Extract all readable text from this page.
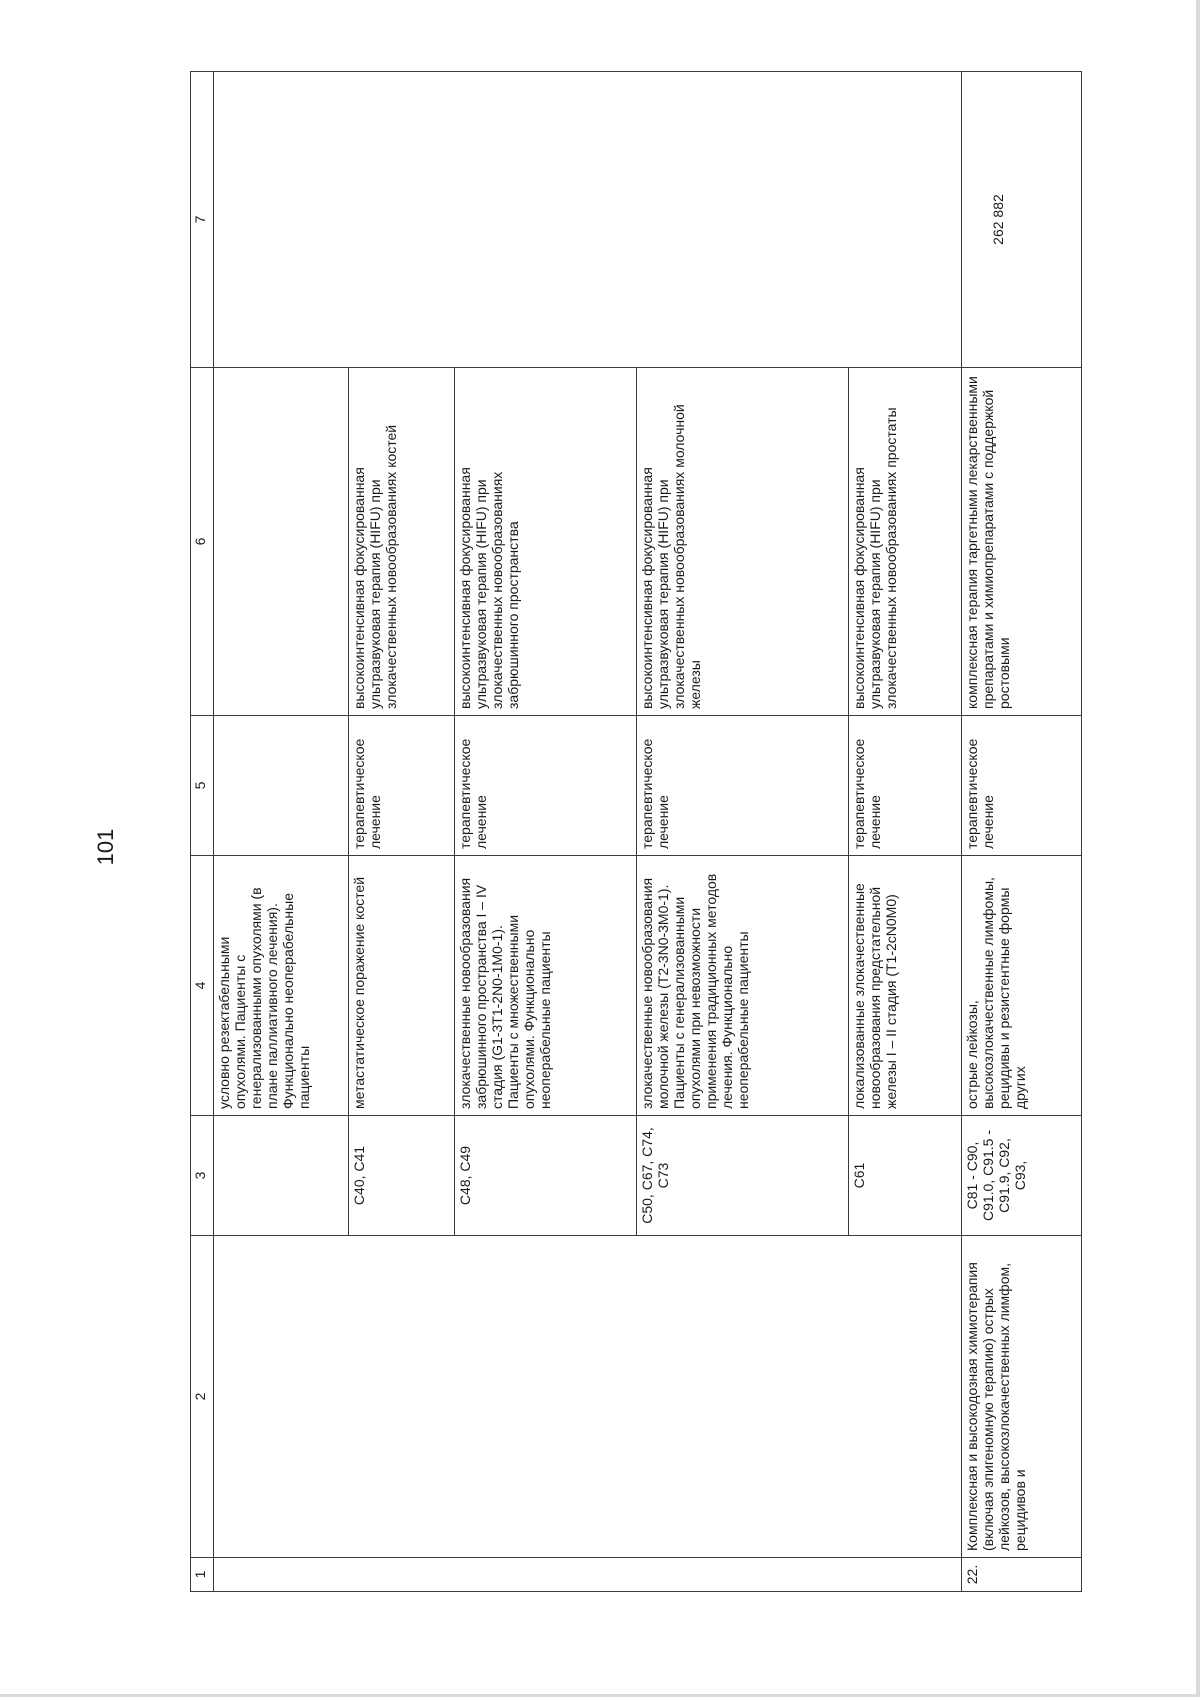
101
1	2	3	4	5	6	7
			условно резектабельными опухолями. Пациенты с генерализованными опухолями (в плане паллиативного лечения). Функционально неоперабельные пациенты			
		C40, C41	метастатическое поражение костей	терапевтическое лечение	высокоинтенсивная фокусированная ультразвуковая терапия (HIFU) при злокачественных новообразованиях костей	
		C48, C49	злокачественные новообразования забрюшинного пространства I – IV стадия (G1-3T1-2N0-1M0-1). Пациенты с множественными опухолями. Функционально неоперабельные пациенты	терапевтическое лечение	высокоинтенсивная фокусированная ультразвуковая терапия (HIFU) при злокачественных новообразованиях забрюшинного пространства	
		C50, C67, C74, C73	злокачественные новообразования молочной железы (T2-3N0-3M0-1). Пациенты с генерализованными опухолями при невозможности применения традиционных методов лечения. Функционально неоперабельные пациенты	терапевтическое лечение	высокоинтенсивная фокусированная ультразвуковая терапия (HIFU) при злокачественных новообразованиях молочной железы	
		C61	локализованные злокачественные новообразования предстательной железы I – II стадия (T1-2cN0M0)	терапевтическое лечение	высокоинтенсивная фокусированная ультразвуковая терапия (HIFU) при злокачественных новообразованиях простаты	
22.	Комплексная и высокодозная химиотерапия (включая эпигеномную терапию) острых лейкозов, высокозлокачественных лимфом, рецидивов и	C81 - C90, C91.0, C91.5 - C91.9, C92, C93,	острые лейкозы, высокозлокачественные лимфомы, рецидивы и резистентные формы других	терапевтическое лечение	комплексная терапия таргетными лекарственными препаратами и химиопрепаратами с поддержкой ростовыми	262 882
